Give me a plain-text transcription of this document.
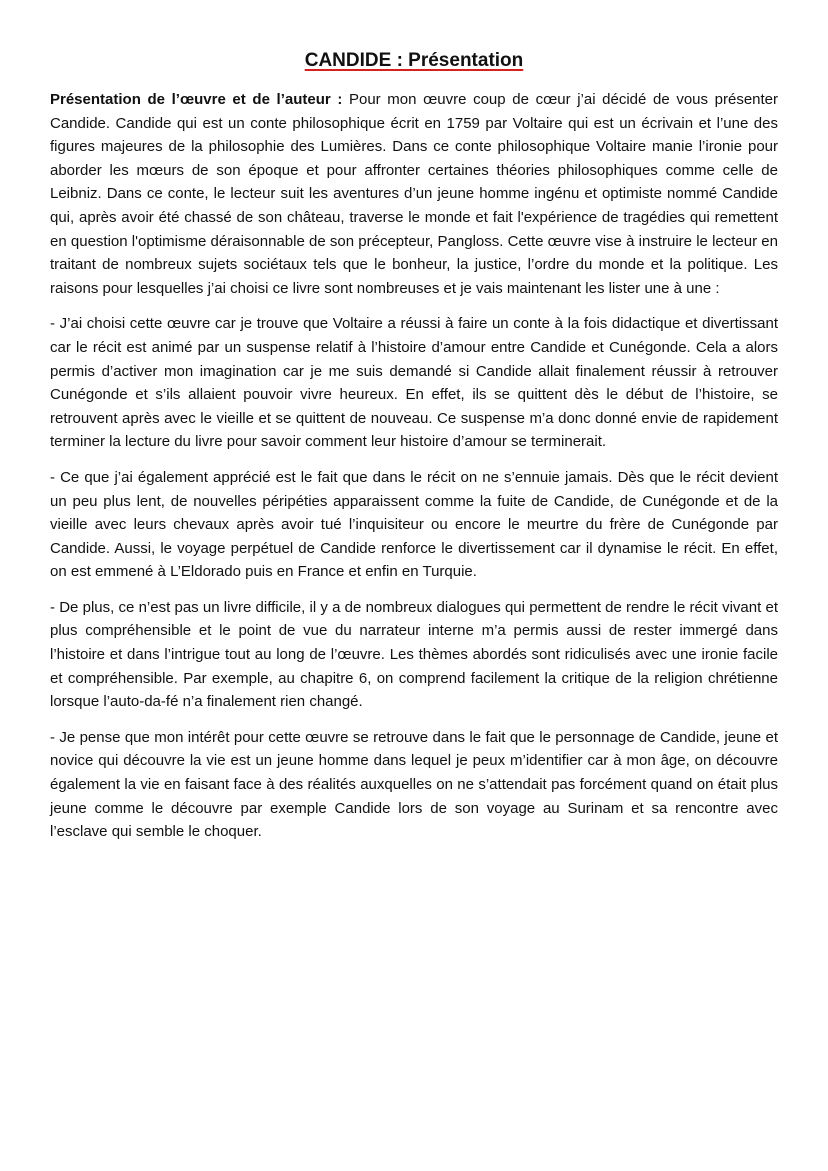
CANDIDE : Présentation

Présentation de l’œuvre et de l’auteur : Pour mon œuvre coup de cœur j’ai décidé de vous présenter Candide. Candide qui est un conte philosophique écrit en 1759 par Voltaire qui est un écrivain et l’une des figures majeures de la philosophie des Lumières. Dans ce conte philosophique Voltaire manie l’ironie pour aborder les mœurs de son époque et pour affronter certaines théories philosophiques comme celle de Leibniz. Dans ce conte, le lecteur suit les aventures d’un jeune homme ingénu et optimiste nommé Candide qui, après avoir été chassé de son château, traverse le monde et fait l'expérience de tragédies qui remettent en question l'optimisme déraisonnable de son précepteur, Pangloss. Cette œuvre vise à instruire le lecteur en traitant de nombreux sujets sociétaux tels que le bonheur, la justice, l’ordre du monde et la politique. Les raisons pour lesquelles j’ai choisi ce livre sont nombreuses et je vais maintenant les lister une à une :

- J’ai choisi cette œuvre car je trouve que Voltaire a réussi à faire un conte à la fois didactique et divertissant car le récit est animé par un suspense relatif à l’histoire d’amour entre Candide et Cunégonde. Cela a alors permis d’activer mon imagination car je me suis demandé si Candide allait finalement réussir à retrouver Cunégonde et s’ils allaient pouvoir vivre heureux. En effet, ils se quittent dès le début de l’histoire, se retrouvent après avec le vieille et se quittent de nouveau. Ce suspense m’a donc donné envie de rapidement terminer la lecture du livre pour savoir comment leur histoire d’amour se terminerait.

- Ce que j’ai également apprécié est le fait que dans le récit on ne s’ennuie jamais. Dès que le récit devient un peu plus lent, de nouvelles péripéties apparaissent comme la fuite de Candide, de Cunégonde et de la vieille avec leurs chevaux après avoir tué l’inquisiteur ou encore le meurtre du frère de Cunégonde par Candide. Aussi, le voyage perpétuel de Candide renforce le divertissement car il dynamise le récit. En effet, on est emmené à L’Eldorado puis en France et enfin en Turquie.

- De plus, ce n’est pas un livre difficile, il y a de nombreux dialogues qui permettent de rendre le récit vivant et plus compréhensible et le point de vue du narrateur interne m’a permis aussi de rester immergé dans l’histoire et dans l’intrigue tout au long de l’œuvre. Les thèmes abordés sont ridiculisés avec une ironie facile et compréhensible. Par exemple, au chapitre 6, on comprend facilement la critique de la religion chrétienne lorsque l’auto-da-fé n’a finalement rien changé.

- Je pense que mon intérêt pour cette œuvre se retrouve dans le fait que le personnage de Candide, jeune et novice qui découvre la vie est un jeune homme dans lequel je peux m’identifier car à mon âge, on découvre également la vie en faisant face à des réalités auxquelles on ne s’attendait pas forcément quand on était plus jeune comme le découvre par exemple Candide lors de son voyage au Surinam et sa rencontre avec l’esclave qui semble le choquer.
